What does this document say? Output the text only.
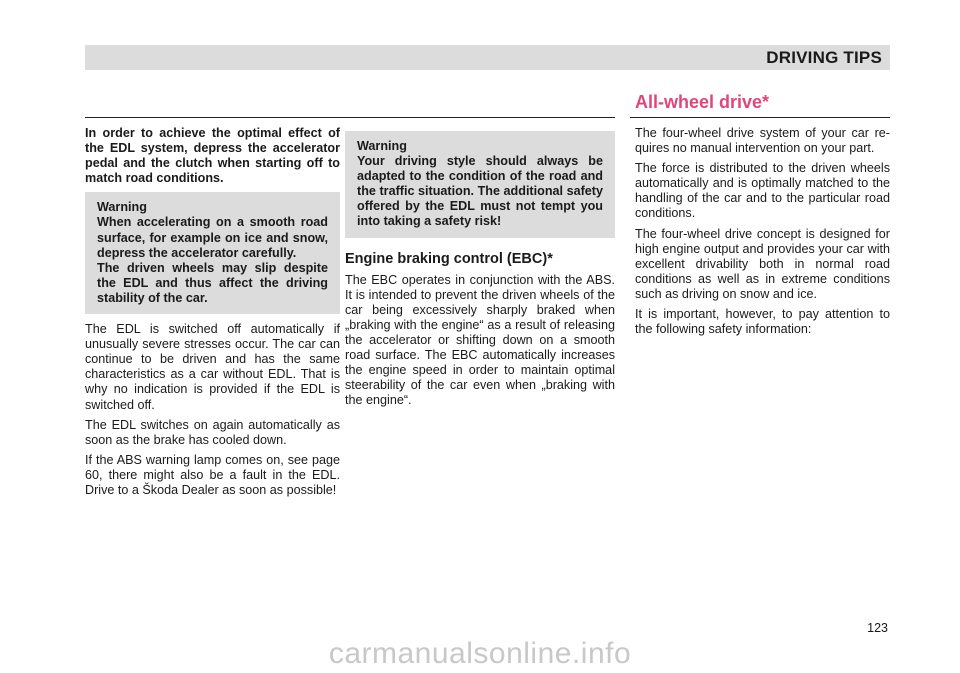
DRIVING TIPS
All-wheel drive*

In order to achieve the optimal effect of the EDL system, depress the accelerator pedal and the clutch when starting off to match road conditions.

Warning
When accelerating on a smooth road surface, for example on ice and snow, depress the accelerator carefully.
The driven wheels may slip despite the EDL and thus affect the driving stability of the car.

The EDL is switched off automatically if unusually severe stresses occur. The car can continue to be driven and has the same characteristics as a car without EDL. That is why no indication is provided if the EDL is switched off.

The EDL switches on again automatically as soon as the brake has cooled down.

If the ABS warning lamp comes on, see page 60, there might also be a fault in the EDL. Drive to a Škoda Dealer as soon as possible!

Warning
Your driving style should always be adapted to the condition of the road and the traffic situation. The additional safety offered by the EDL must not tempt you into taking a safety risk!
Engine braking control (EBC)*

The EBC operates in conjunction with the ABS. It is intended to prevent the driven wheels of the car being excessively sharply braked when „braking with the engine“ as a result of releasing the accelerator or shifting down on a smooth road surface. The EBC automatically increases the engine speed in order to maintain optimal steerability of the car even when „braking with the engine“.

The four-wheel drive system of your car requires no manual intervention on your part.

The force is distributed to the driven wheels automatically and is optimally matched to the handling of the car and to the particular road conditions.

The four-wheel drive concept is designed for high engine output and provides your car with excellent drivability both in normal road conditions as well as in extreme conditions such as driving on snow and ice.

It is important, however, to pay attention to the following safety information:

123
carmanualsonline.info
